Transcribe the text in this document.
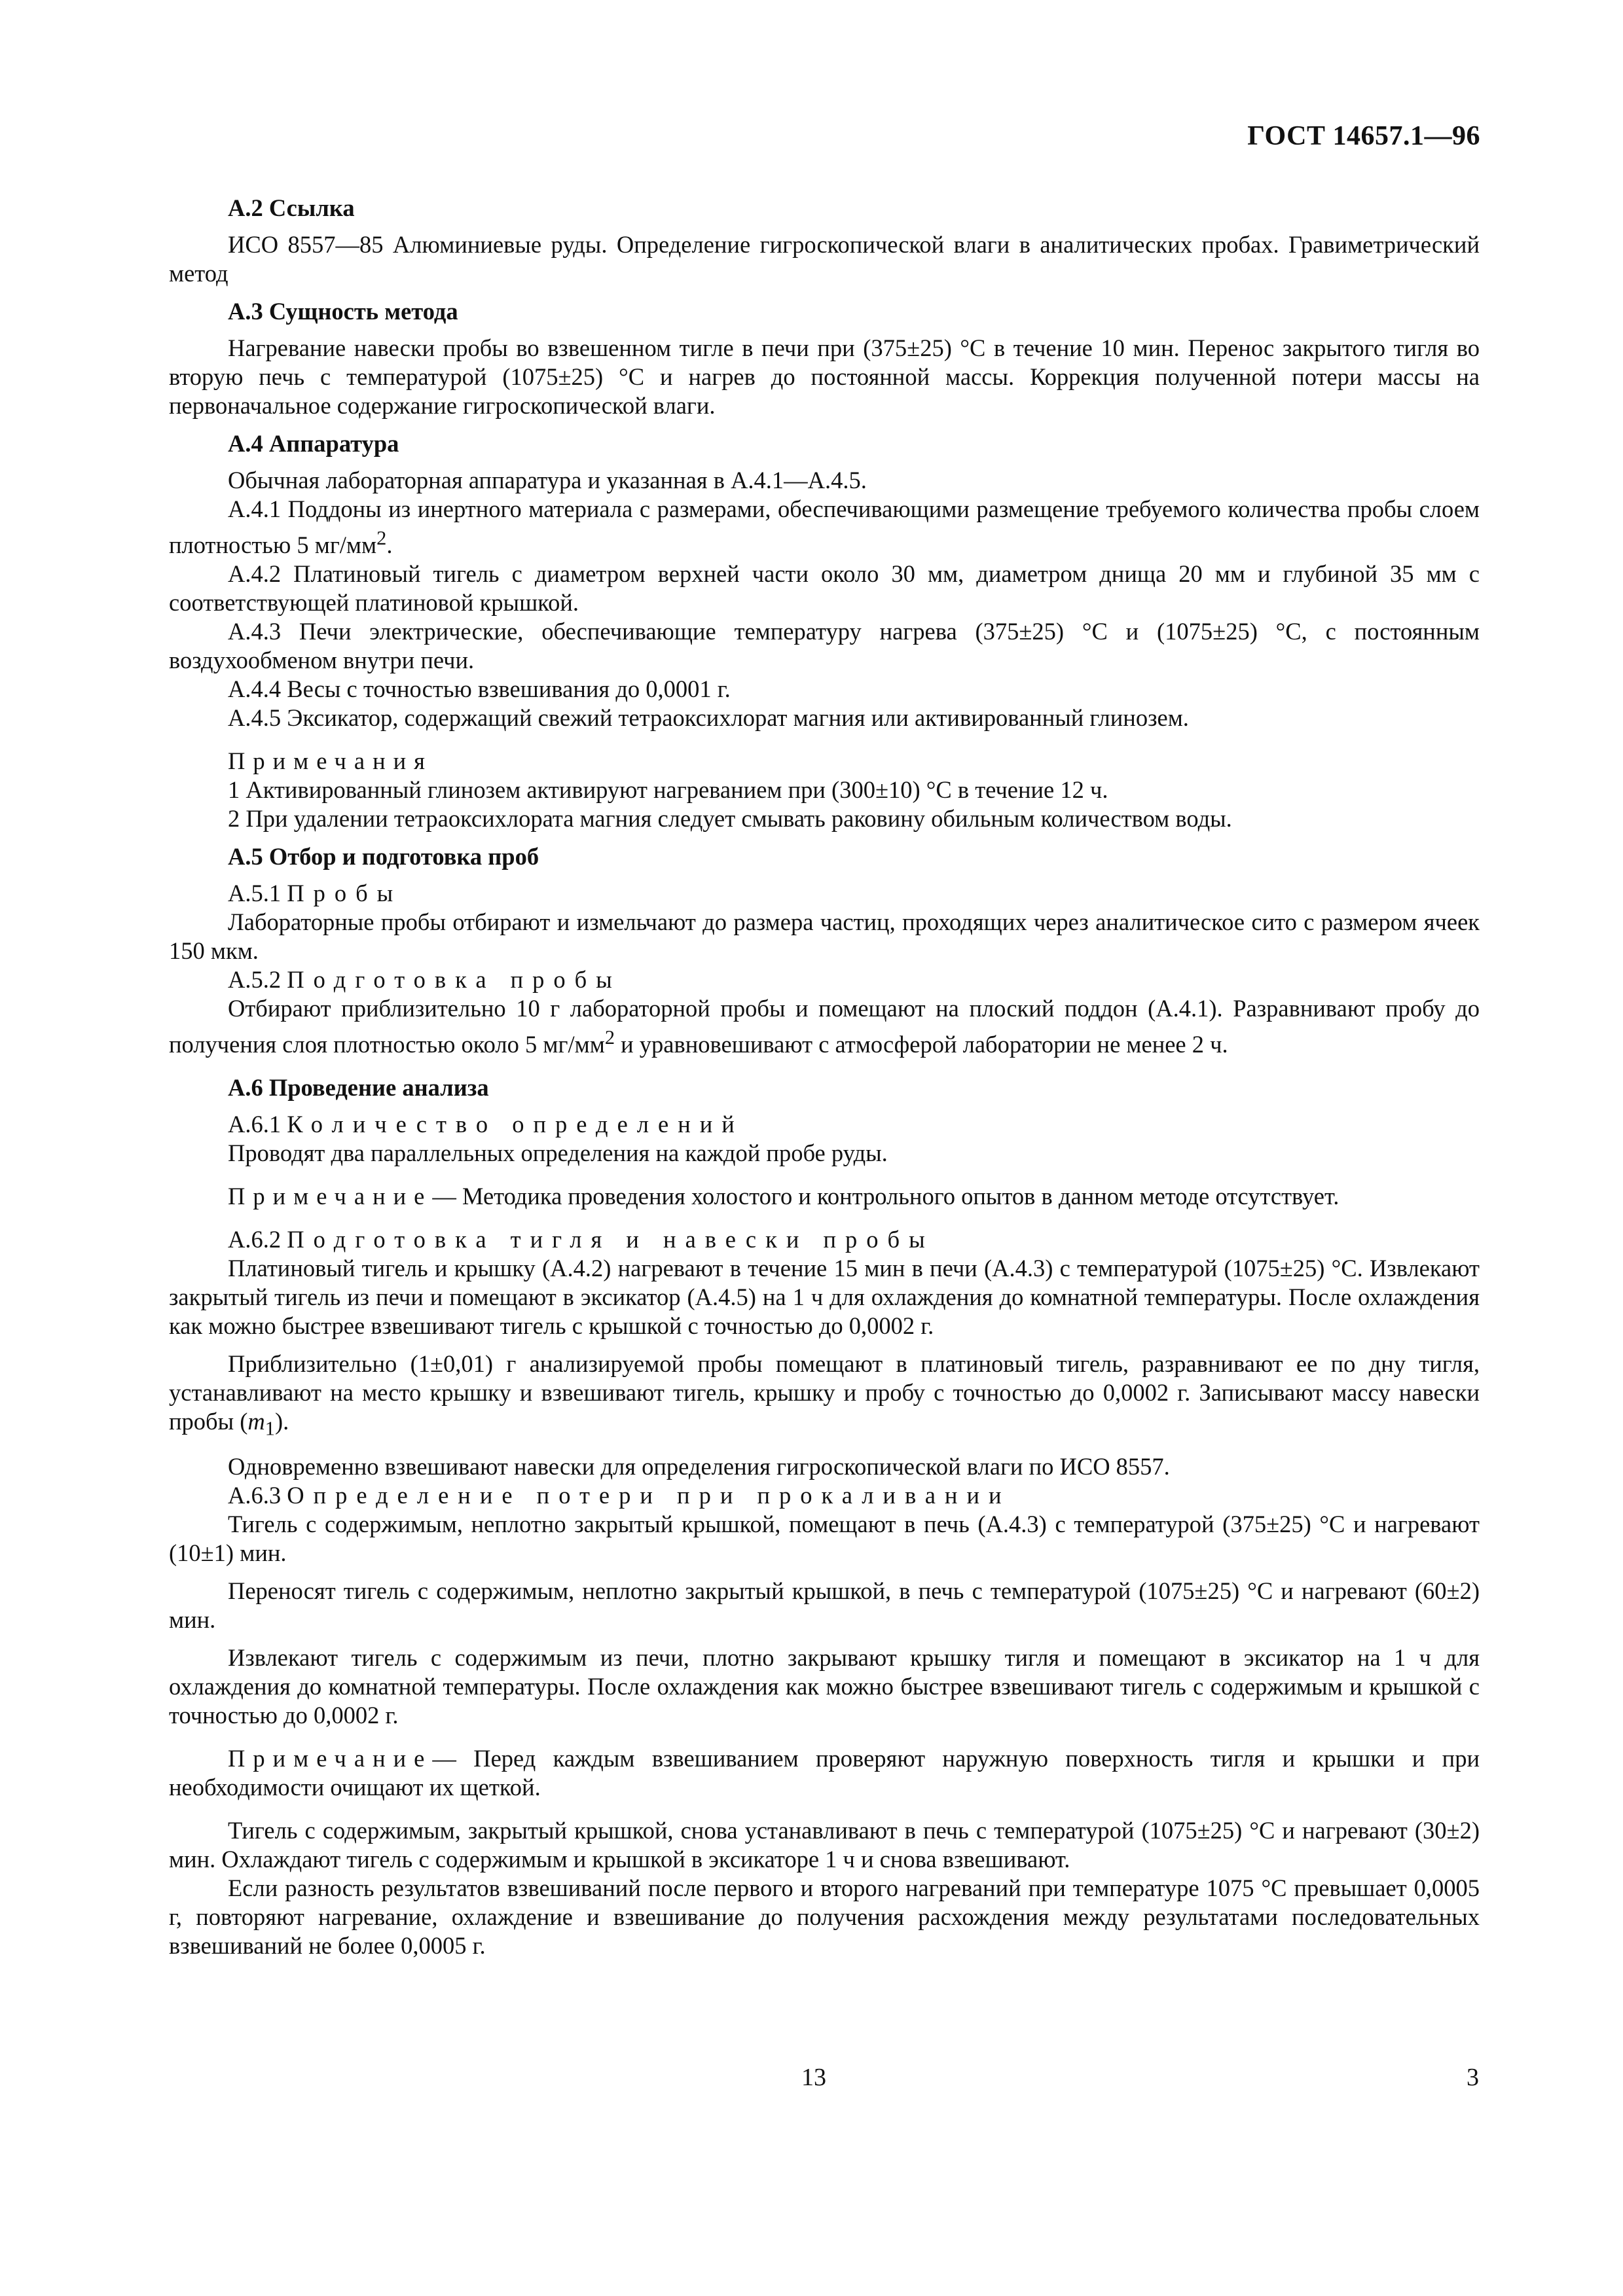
ГОСТ 14657.1—96
А.2 Ссылка

ИСО 8557—85 Алюминиевые руды. Определение гигроскопической влаги в аналитических пробах. Гравиметрический метод

А.3 Сущность метода

Нагревание навески пробы во взвешенном тигле в печи при (375±25) °С в течение 10 мин. Перенос закрытого тигля во вторую печь с температурой (1075±25) °С и нагрев до постоянной массы. Коррекция полученной потери массы на первоначальное содержание гигроскопической влаги.

А.4 Аппаратура

Обычная лабораторная аппаратура и указанная в А.4.1—А.4.5.

А.4.1 Поддоны из инертного материала с размерами, обеспечивающими размещение требуемого количества пробы слоем плотностью 5 $мг/мм^2$.

А.4.2 Платиновый тигель с диаметром верхней части около 30 мм, диаметром днища 20 мм и глубиной 35 мм с соответствующей платиновой крышкой.

А.4.3 Печи электрические, обеспечивающие температуру нагрева (375±25) °С и (1075±25) °С, с постоянным воздухообменом внутри печи.

А.4.4 Весы с точностью взвешивания до 0,0001 г.

А.4.5 Эксикатор, содержащий свежий тетраоксихлорат магния или активированный глинозем.

Примечания

1 Активированный глинозем активируют нагреванием при (300±10) °С в течение 12 ч.

2 При удалении тетраоксихлората магния следует смывать раковину обильным количеством воды.

А.5 Отбор и подготовка проб

А.5.1 Пробы

Лабораторные пробы отбирают и измельчают до размера частиц, проходящих через аналитическое сито с размером ячеек 150 мкм.

А.5.2 Подготовка пробы

Отбирают приблизительно 10 г лабораторной пробы и помещают на плоский поддон (А.4.1). Разравнивают пробу до получения слоя плотностью около 5 $мг/мм^2$ и уравновешивают с атмосферой лаборатории не менее 2 ч.

А.6 Проведение анализа

А.6.1 Количество определений

Проводят два параллельных определения на каждой пробе руды.

Примечание— Методика проведения холостого и контрольного опытов в данном методе отсутствует.

А.6.2 Подготовка тигля и навески пробы

Платиновый тигель и крышку (А.4.2) нагревают в течение 15 мин в печи (А.4.3) с температурой (1075±25) °С. Извлекают закрытый тигель из печи и помещают в эксикатор (А.4.5) на 1 ч для охлаждения до комнатной температуры. После охлаждения как можно быстрее взвешивают тигель с крышкой с точностью до 0,0002 г.

Приблизительно (1±0,01) г анализируемой пробы помещают в платиновый тигель, разравнивают ее по дну тигля, устанавливают на место крышку и взвешивают тигель, крышку и пробу с точностью до 0,0002 г. Записывают массу навески пробы $(m_1)$.

Одновременно взвешивают навески для определения гигроскопической влаги по ИСО 8557.

А.6.3 Определение потери при прокаливании

Тигель с содержимым, неплотно закрытый крышкой, помещают в печь (А.4.3) с температурой (375±25) °С и нагревают (10±1) мин.

Переносят тигель с содержимым, неплотно закрытый крышкой, в печь с температурой (1075±25) °С и нагревают (60±2) мин.

Извлекают тигель с содержимым из печи, плотно закрывают крышку тигля и помещают в эксикатор на 1 ч для охлаждения до комнатной температуры. После охлаждения как можно быстрее взвешивают тигель с содержимым и крышкой с точностью до 0,0002 г.

Примечание— Перед каждым взвешиванием проверяют наружную поверхность тигля и крышки и при необходимости очищают их щеткой.

Тигель с содержимым, закрытый крышкой, снова устанавливают в печь с температурой (1075±25) °С и нагревают (30±2) мин. Охлаждают тигель с содержимым и крышкой в эксикаторе 1 ч и снова взвешивают.

Если разность результатов взвешиваний после первого и второго нагреваний при температуре 1075 °С превышает 0,0005 г, повторяют нагревание, охлаждение и взвешивание до получения расхождения между результатами последовательных взвешиваний не более 0,0005 г.

13	3
